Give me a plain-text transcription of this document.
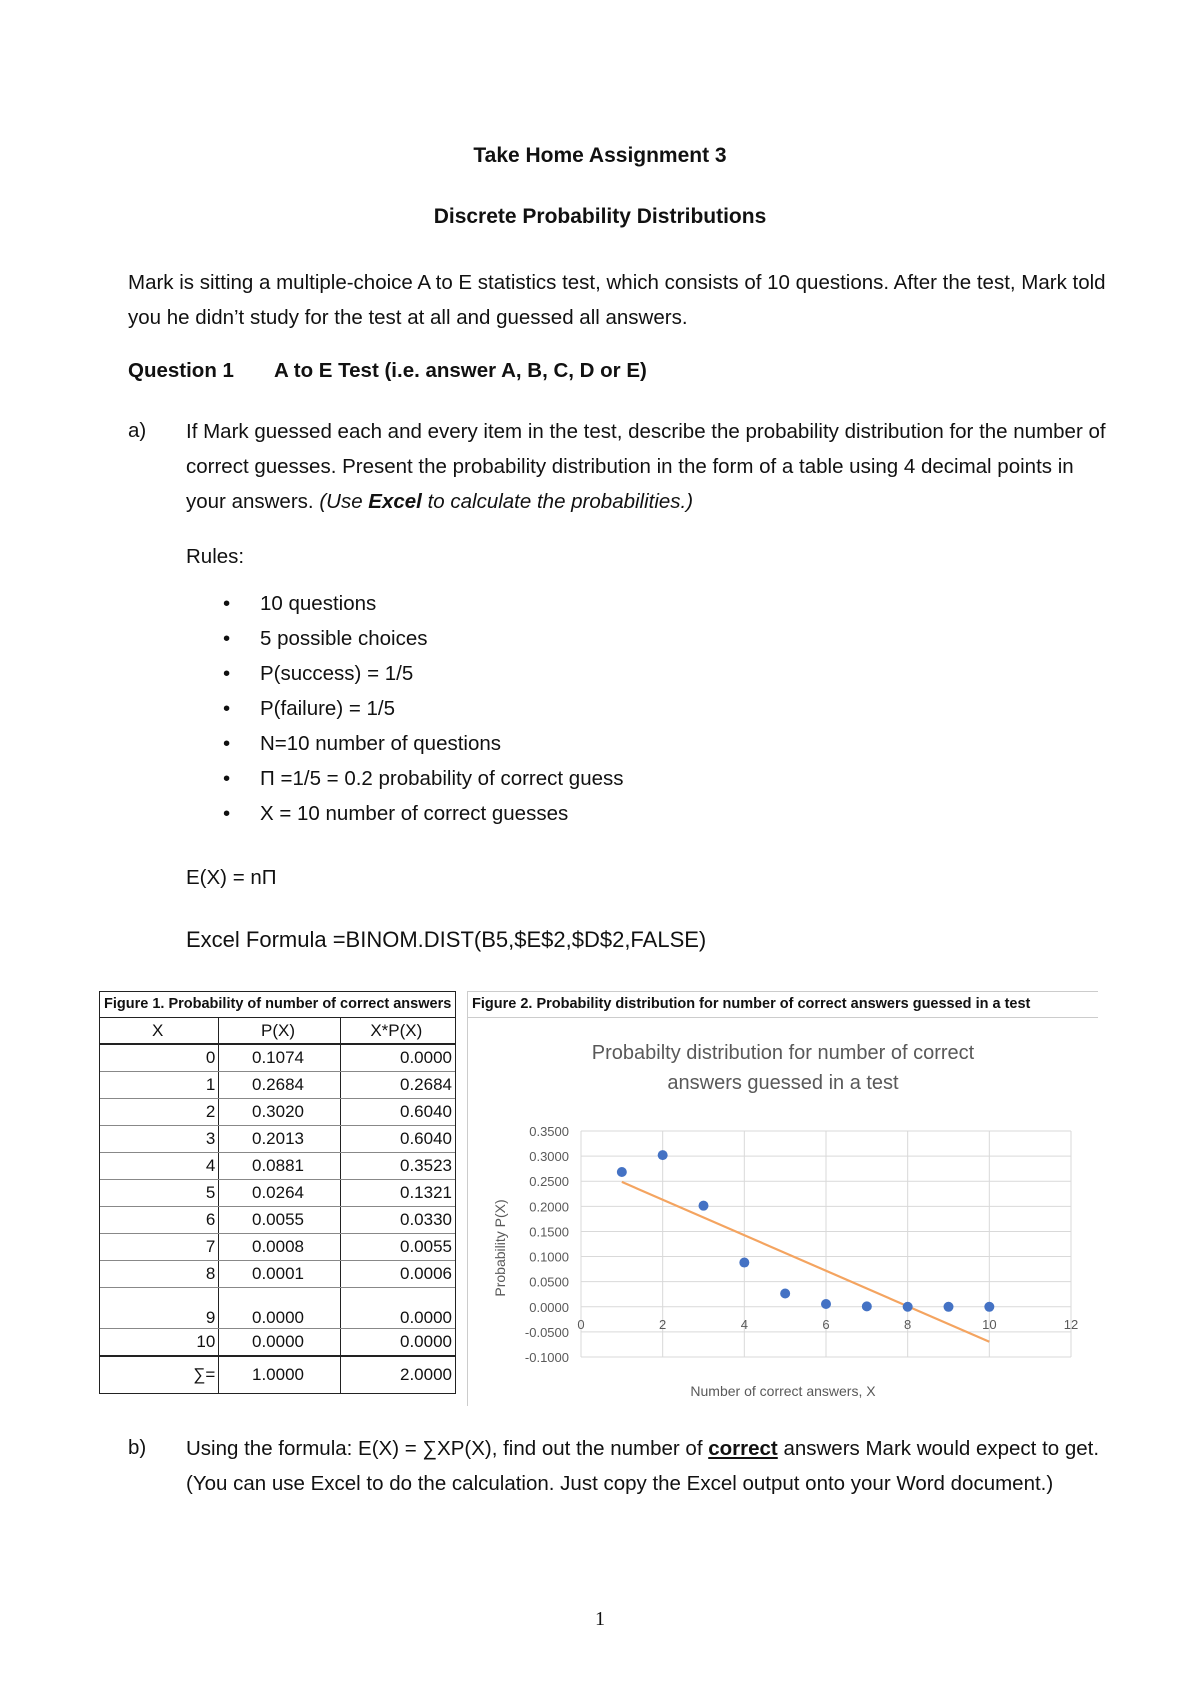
Take Home Assignment 3
Discrete Probability Distributions
Mark is sitting a multiple-choice A to E statistics test, which consists of 10 questions. After the test, Mark told you he didn’t study for the test at all and guessed all answers.
Question 1 A to E Test (i.e. answer A, B, C, D or E)
a) If Mark guessed each and every item in the test, describe the probability distribution for the number of correct guesses. Present the probability distribution in the form of a table using 4 decimal points in your answers. (Use Excel to calculate the probabilities.)
Rules:
• 10 questions
• 5 possible choices
• P(success) = 1/5
• P(failure) = 1/5
• N=10 number of questions
• Π =1/5 = 0.2 probability of correct guess
• X = 10 number of correct guesses
E(X) = nΠ
Excel Formula =BINOM.DIST(B5,$E$2,$D$2,FALSE)
Figure 1. Probability of number of correct answers
X	P(X)	X*P(X)
0	0.1074	0.0000
1	0.2684	0.2684
2	0.3020	0.6040
3	0.2013	0.6040
4	0.0881	0.3523
5	0.0264	0.1321
6	0.0055	0.0330
7	0.0008	0.0055
8	0.0001	0.0006
9	0.0000	0.0000
10	0.0000	0.0000
∑=	1.0000	2.0000
Figure 2. Probability distribution for number of correct answers guessed in a test
Probabilty distribution for number of correct
answers guessed in a test
Number of correct answers, X
Probability P(X)
0.3500
0.3000
0.2500
0.2000
0.1500
0.1000
0.0500
0.0000
-0.0500
-0.1000
0	2	4	6	8	10	12
b) Using the formula: E(X) = ∑XP(X), find out the number of correct answers Mark would expect to get. (You can use Excel to do the calculation. Just copy the Excel output onto your Word document.)
1
